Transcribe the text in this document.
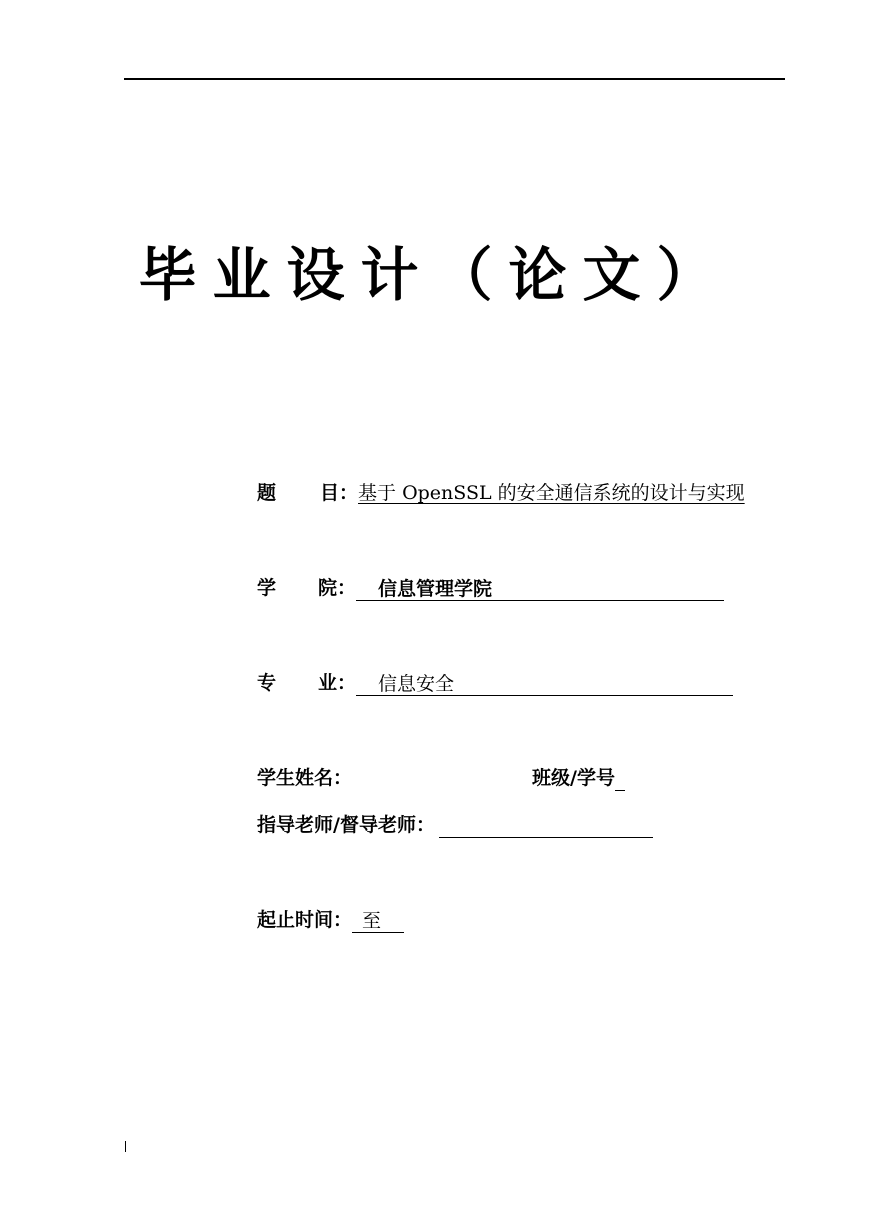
毕业设计（论文）
题 目：基于 OpenSSL 的安全通信系统的设计与实现
学 院： 信息管理学院
专 业： 信息安全
学生姓名：	班级/学号
指导老师/督导老师：
起止时间： 至
